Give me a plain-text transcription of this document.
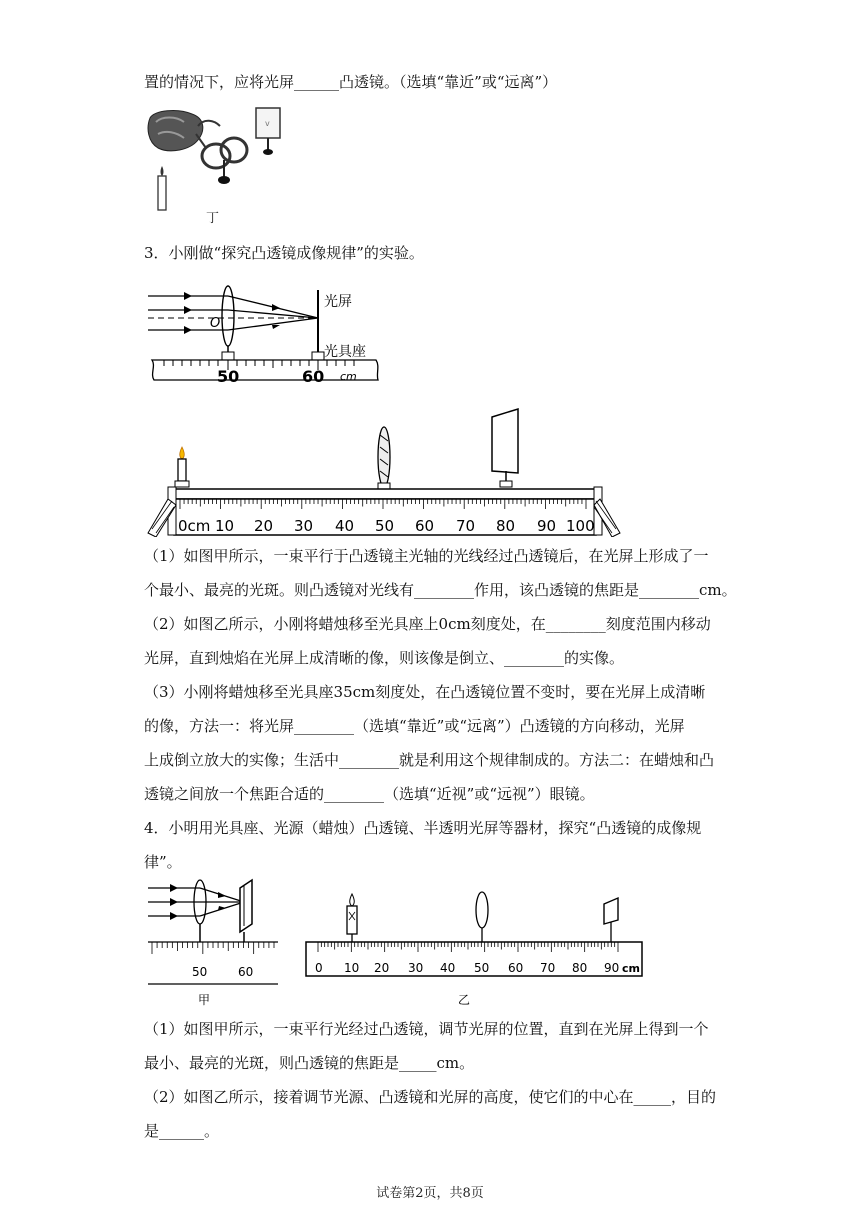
置的情况下，应将光屏______凸透镜。（选填“靠近”或“远离”）
v
丁
3．小刚做“探究凸透镜成像规律”的实验。
O
光屏
光具座
50	60 cm
0cm 10 20 30 40 50 60 70 80 90 100
（1）如图甲所示，一束平行于凸透镜主光轴的光线经过凸透镜后，在光屏上形成了一
个最小、最亮的光斑。则凸透镜对光线有________作用，该凸透镜的焦距是________cm。
（2）如图乙所示，小刚将蜡烛移至光具座上0cm刻度处，在________刻度范围内移动
光屏，直到烛焰在光屏上成清晰的像，则该像是倒立、________的实像。
（3）小刚将蜡烛移至光具座35cm刻度处，在凸透镜位置不变时，要在光屏上成清晰
的像，方法一：将光屏________（选填“靠近”或“远离”）凸透镜的方向移动，光屏
上成倒立放大的实像；生活中________就是利用这个规律制成的。方法二：在蜡烛和凸
透镜之间放一个焦距合适的________（选填“近视”或“远视”）眼镜。
4．小明用光具座、光源（蜡烛）凸透镜、半透明光屏等器材，探究“凸透镜的成像规
律”。
50	60
甲
0 10 20 30 40 50 60 70 80 90 cm
乙
（1）如图甲所示，一束平行光经过凸透镜，调节光屏的位置，直到在光屏上得到一个
最小、最亮的光斑，则凸透镜的焦距是_____cm。
（2）如图乙所示，接着调节光源、凸透镜和光屏的高度，使它们的中心在_____，目的
是______。
试卷第2页，共8页
